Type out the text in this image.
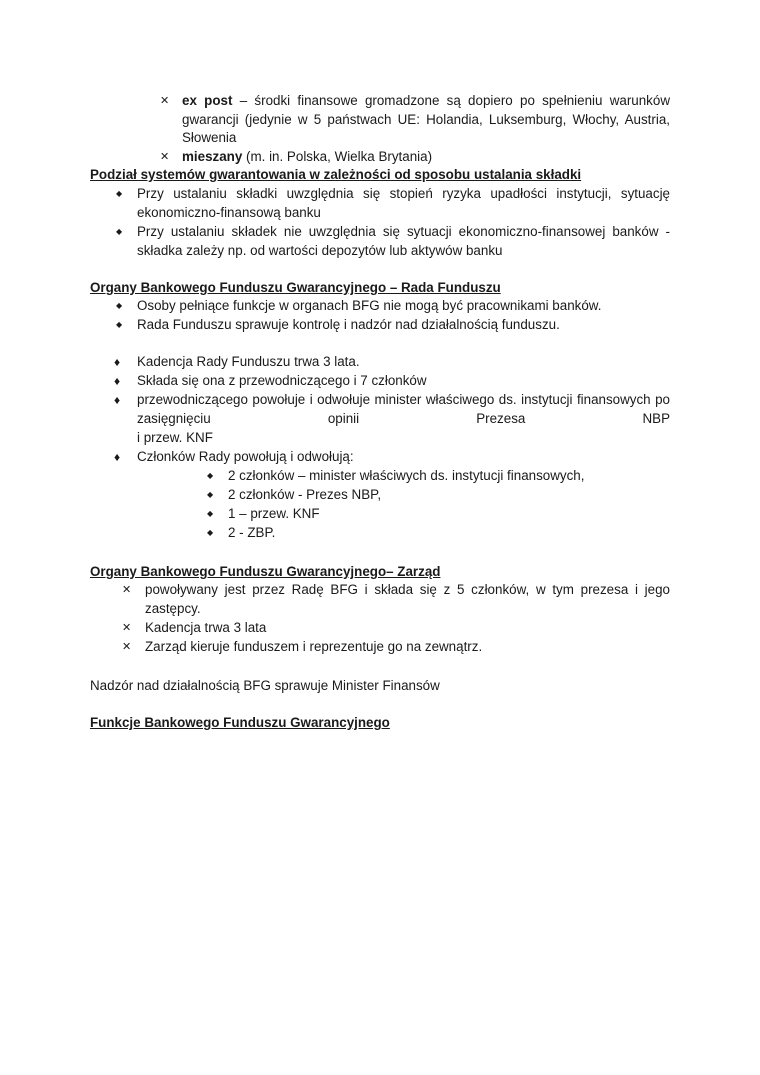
✕ ex post – środki finansowe gromadzone są dopiero po spełnieniu warunków gwarancji (jedynie w 5 państwach UE: Holandia, Luksemburg, Włochy, Austria, Słowenia
✕ mieszany (m. in. Polska, Wielka Brytania)
Podział systemów gwarantowania w zależności od sposobu ustalania składki
◆ Przy ustalaniu składki uwzględnia się stopień ryzyka upadłości instytucji, sytuację ekonomiczno-finansową banku
◆ Przy ustalaniu składek nie uwzględnia się sytuacji ekonomiczno-finansowej banków - składka zależy np. od wartości depozytów lub aktywów banku
Organy Bankowego Funduszu Gwarancyjnego – Rada Funduszu
◆ Osoby pełniące funkcje w organach BFG nie mogą być pracownikami banków.
◆ Rada Funduszu sprawuje kontrolę i nadzór nad działalnością funduszu.
♦ Kadencja Rady Funduszu trwa 3 lata.
♦ Składa się ona z przewodniczącego i 7 członków
♦ przewodniczącego powołuje i odwołuje minister właściwego ds. instytucji finansowych po zasięgnięciu opinii Prezesa NBP
i przew. KNF
♦ Członków Rady powołują i odwołują:
◆ 2 członków – minister właściwych ds. instytucji finansowych,
◆ 2 członków - Prezes NBP,
◆ 1 – przew. KNF
◆ 2 - ZBP.
Organy Bankowego Funduszu Gwarancyjnego– Zarząd
✕ powoływany jest przez Radę BFG i składa się z 5 członków, w tym prezesa i jego zastępcy.
✕ Kadencja trwa 3 lata
✕ Zarząd kieruje funduszem i reprezentuje go na zewnątrz.
Nadzór nad działalnością BFG sprawuje Minister Finansów
Funkcje Bankowego Funduszu Gwarancyjnego
